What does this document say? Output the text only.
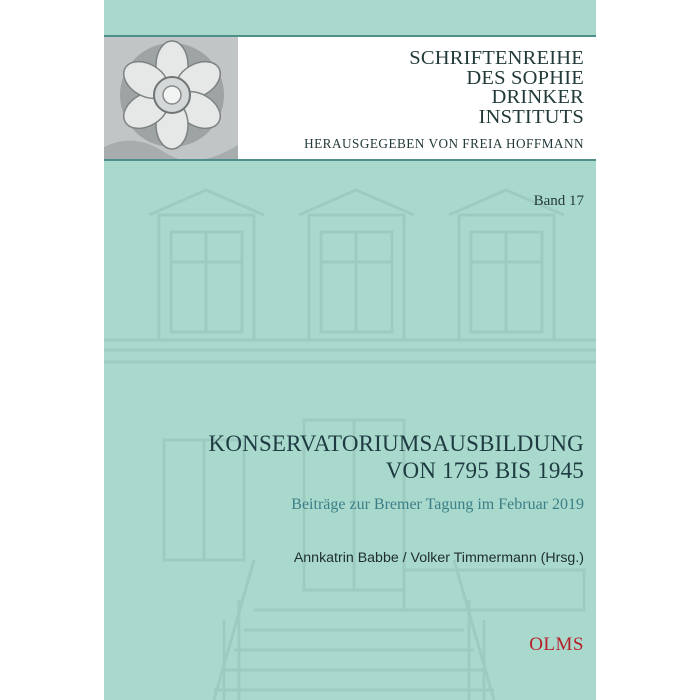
SCHRIFTENREIHE
DES SOPHIE
DRINKER
INSTITUTS
HERAUSGEGEBEN VON FREIA HOFFMANN
Band 17
KONSERVATORIUMSAUSBILDUNG
VON 1795 BIS 1945
Beiträge zur Bremer Tagung im Februar 2019
Annkatrin Babbe / Volker Timmermann (Hrsg.)
OLMS
